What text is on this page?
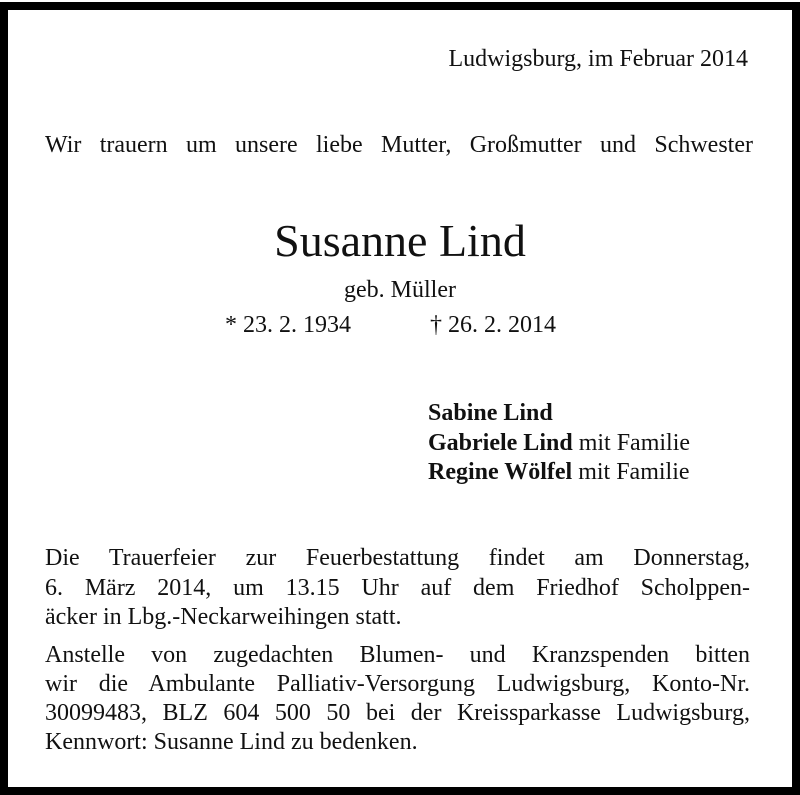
Ludwigsburg, im Februar 2014
Wir trauern um unsere liebe Mutter, Großmutter und Schwester
Susanne Lind
geb. Müller
* 23. 2. 1934	† 26. 2. 2014
Sabine Lind
Gabriele Lind mit Familie
Regine Wölfel mit Familie
Die Trauerfeier zur Feuerbestattung findet am Donnerstag,
6. März 2014, um 13.15 Uhr auf dem Friedhof Scholppen-
äcker in Lbg.-Neckarweihingen statt.
Anstelle von zugedachten Blumen- und Kranzspenden bitten
wir die Ambulante Palliativ-Versorgung Ludwigsburg, Konto-Nr.
30099483, BLZ 604 500 50 bei der Kreissparkasse Ludwigsburg,
Kennwort: Susanne Lind zu bedenken.
